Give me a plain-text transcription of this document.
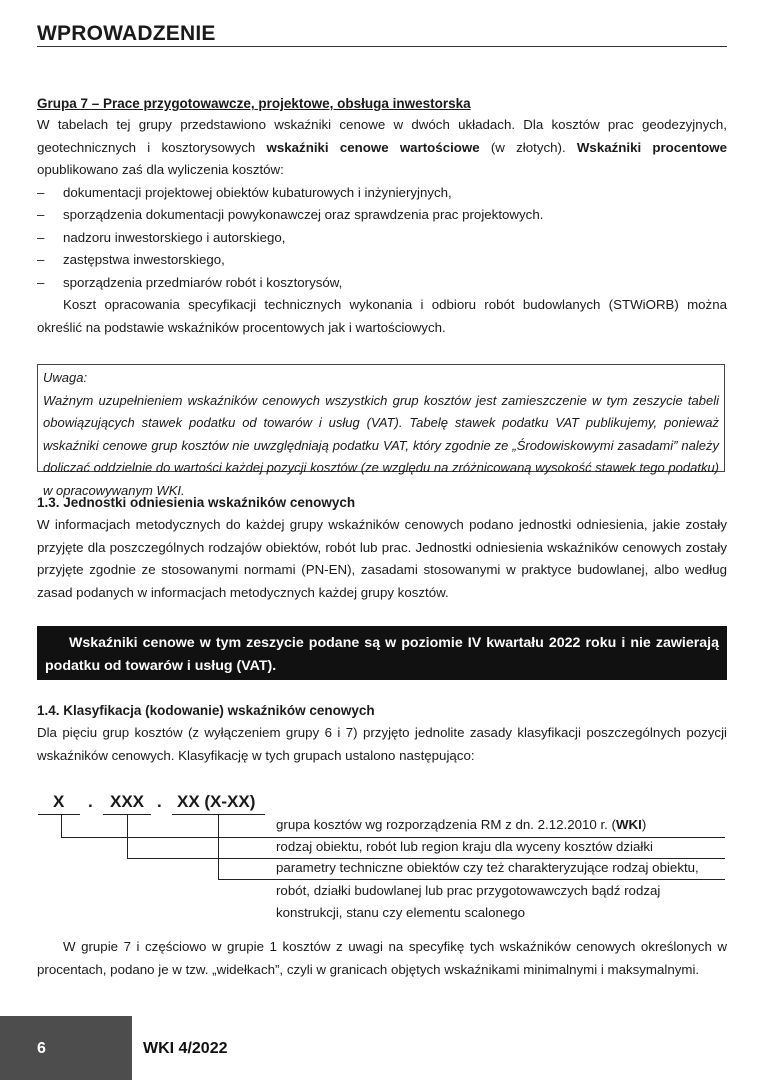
WPROWADZENIE
Grupa 7 – Prace przygotowawcze, projektowe, obsługa inwestorska
W tabelach tej grupy przedstawiono wskaźniki cenowe w dwóch układach. Dla kosztów prac geodezyjnych, geotechnicznych i kosztorysowych wskaźniki cenowe wartościowe (w złotych). Wskaźniki procentowe opublikowano zaś dla wyliczenia kosztów:
– dokumentacji projektowej obiektów kubaturowych i inżynieryjnych,
– sporządzenia dokumentacji powykonawczej oraz sprawdzenia prac projektowych.
– nadzoru inwestorskiego i autorskiego,
– zastępstwa inwestorskiego,
– sporządzenia przedmiarów robót i kosztorysów,
Koszt opracowania specyfikacji technicznych wykonania i odbioru robót budowlanych (STWiORB) można określić na podstawie wskaźników procentowych jak i wartościowych.
Uwaga:
Ważnym uzupełnieniem wskaźników cenowych wszystkich grup kosztów jest zamieszczenie w tym zeszycie tabeli obowiązujących stawek podatku od towarów i usług (VAT). Tabelę stawek podatku VAT publikujemy, ponieważ wskaźniki cenowe grup kosztów nie uwzględniają podatku VAT, który zgodnie ze „Środowiskowymi zasadami” należy doliczać oddzielnie do wartości każdej pozycji kosztów (ze względu na zróżnicowaną wysokość stawek tego podatku) w opracowywanym WKI.
1.3. Jednostki odniesienia wskaźników cenowych
W informacjach metodycznych do każdej grupy wskaźników cenowych podano jednostki odniesienia, jakie zostały przyjęte dla poszczególnych rodzajów obiektów, robót lub prac. Jednostki odniesienia wskaźników cenowych zostały przyjęte zgodnie ze stosowanymi normami (PN-EN), zasadami stosowanymi w praktyce budowlanej, albo według zasad podanych w informacjach metodycznych każdej grupy kosztów.
Wskaźniki cenowe w tym zeszycie podane są w poziomie IV kwartału 2022 roku i nie zawierają podatku od towarów i usług (VAT).
1.4. Klasyfikacja (kodowanie) wskaźników cenowych
Dla pięciu grup kosztów (z wyłączeniem grupy 6 i 7) przyjęto jednolite zasady klasyfikacji poszczególnych pozycji wskaźników cenowych. Klasyfikację w tych grupach ustalono następująco:
X . XXX . XX (X-XX)
grupa kosztów wg rozporządzenia RM z dn. 2.12.2010 r. (WKI)
rodzaj obiektu, robót lub region kraju dla wyceny kosztów działki
parametry techniczne obiektów czy też charakteryzujące rodzaj obiektu, robót, działki budowlanej lub prac przygotowawczych bądź rodzaj konstrukcji, stanu czy elementu scalonego
W grupie 7 i częściowo w grupie 1 kosztów z uwagi na specyfikę tych wskaźników cenowych określonych w procentach, podano je w tzw. „widełkach”, czyli w granicach objętych wskaźnikami minimalnymi i maksymalnymi.
6	WKI 4/2022
